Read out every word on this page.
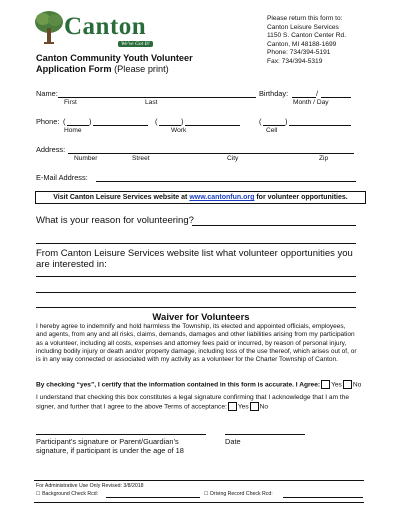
Canton
We've Got It!
Please return this form to:
Canton Leisure Services
1150 S. Canton Center Rd.
Canton, MI 48188-1699
Phone: 734/394-5191
Fax: 734/394-5319
Canton Community Youth Volunteer
Application Form (Please print)
Name:
First	Last
Birthday:	/
Month / Day
Phone: (	)
Home
(	)
Work
(	)
Cell
Address:
Number	Street	City	Zip
E-Mail Address:
Visit Canton Leisure Services website at www.cantonfun.org for volunteer opportunities.
What is your reason for volunteering?
From Canton Leisure Services website list what volunteer opportunities you are interested in:
Waiver for Volunteers
I hereby agree to indemnify and hold harmless the Township, its elected and appointed officials, employees, and agents, from any and all risks, claims, demands, damages and other liabilities arising from my participation as a volunteer, including all costs, expenses and attorney fees paid or incurred, by reason of personal injury, including bodily injury or death and/or property damage, including loss of the use thereof, which arises out of, or is in any way connected or associated with my activity as a volunteer for the Charter Township of Canton.
By checking “yes”, I certify that the information contained in this form is accurate. I Agree: Yes No
I understand that checking this box constitutes a legal signature confirming that I acknowledge that I am the
signer, and further that I agree to the above Terms of acceptance: Yes No
Participant’s signature or Parent/Guardian’s
signature, if participant is under the age of 18
Date
For Administrative Use Only Revised: 3/8/2018
☐ Background Check Rcd:	☐ Driving Record Check Rcd:
